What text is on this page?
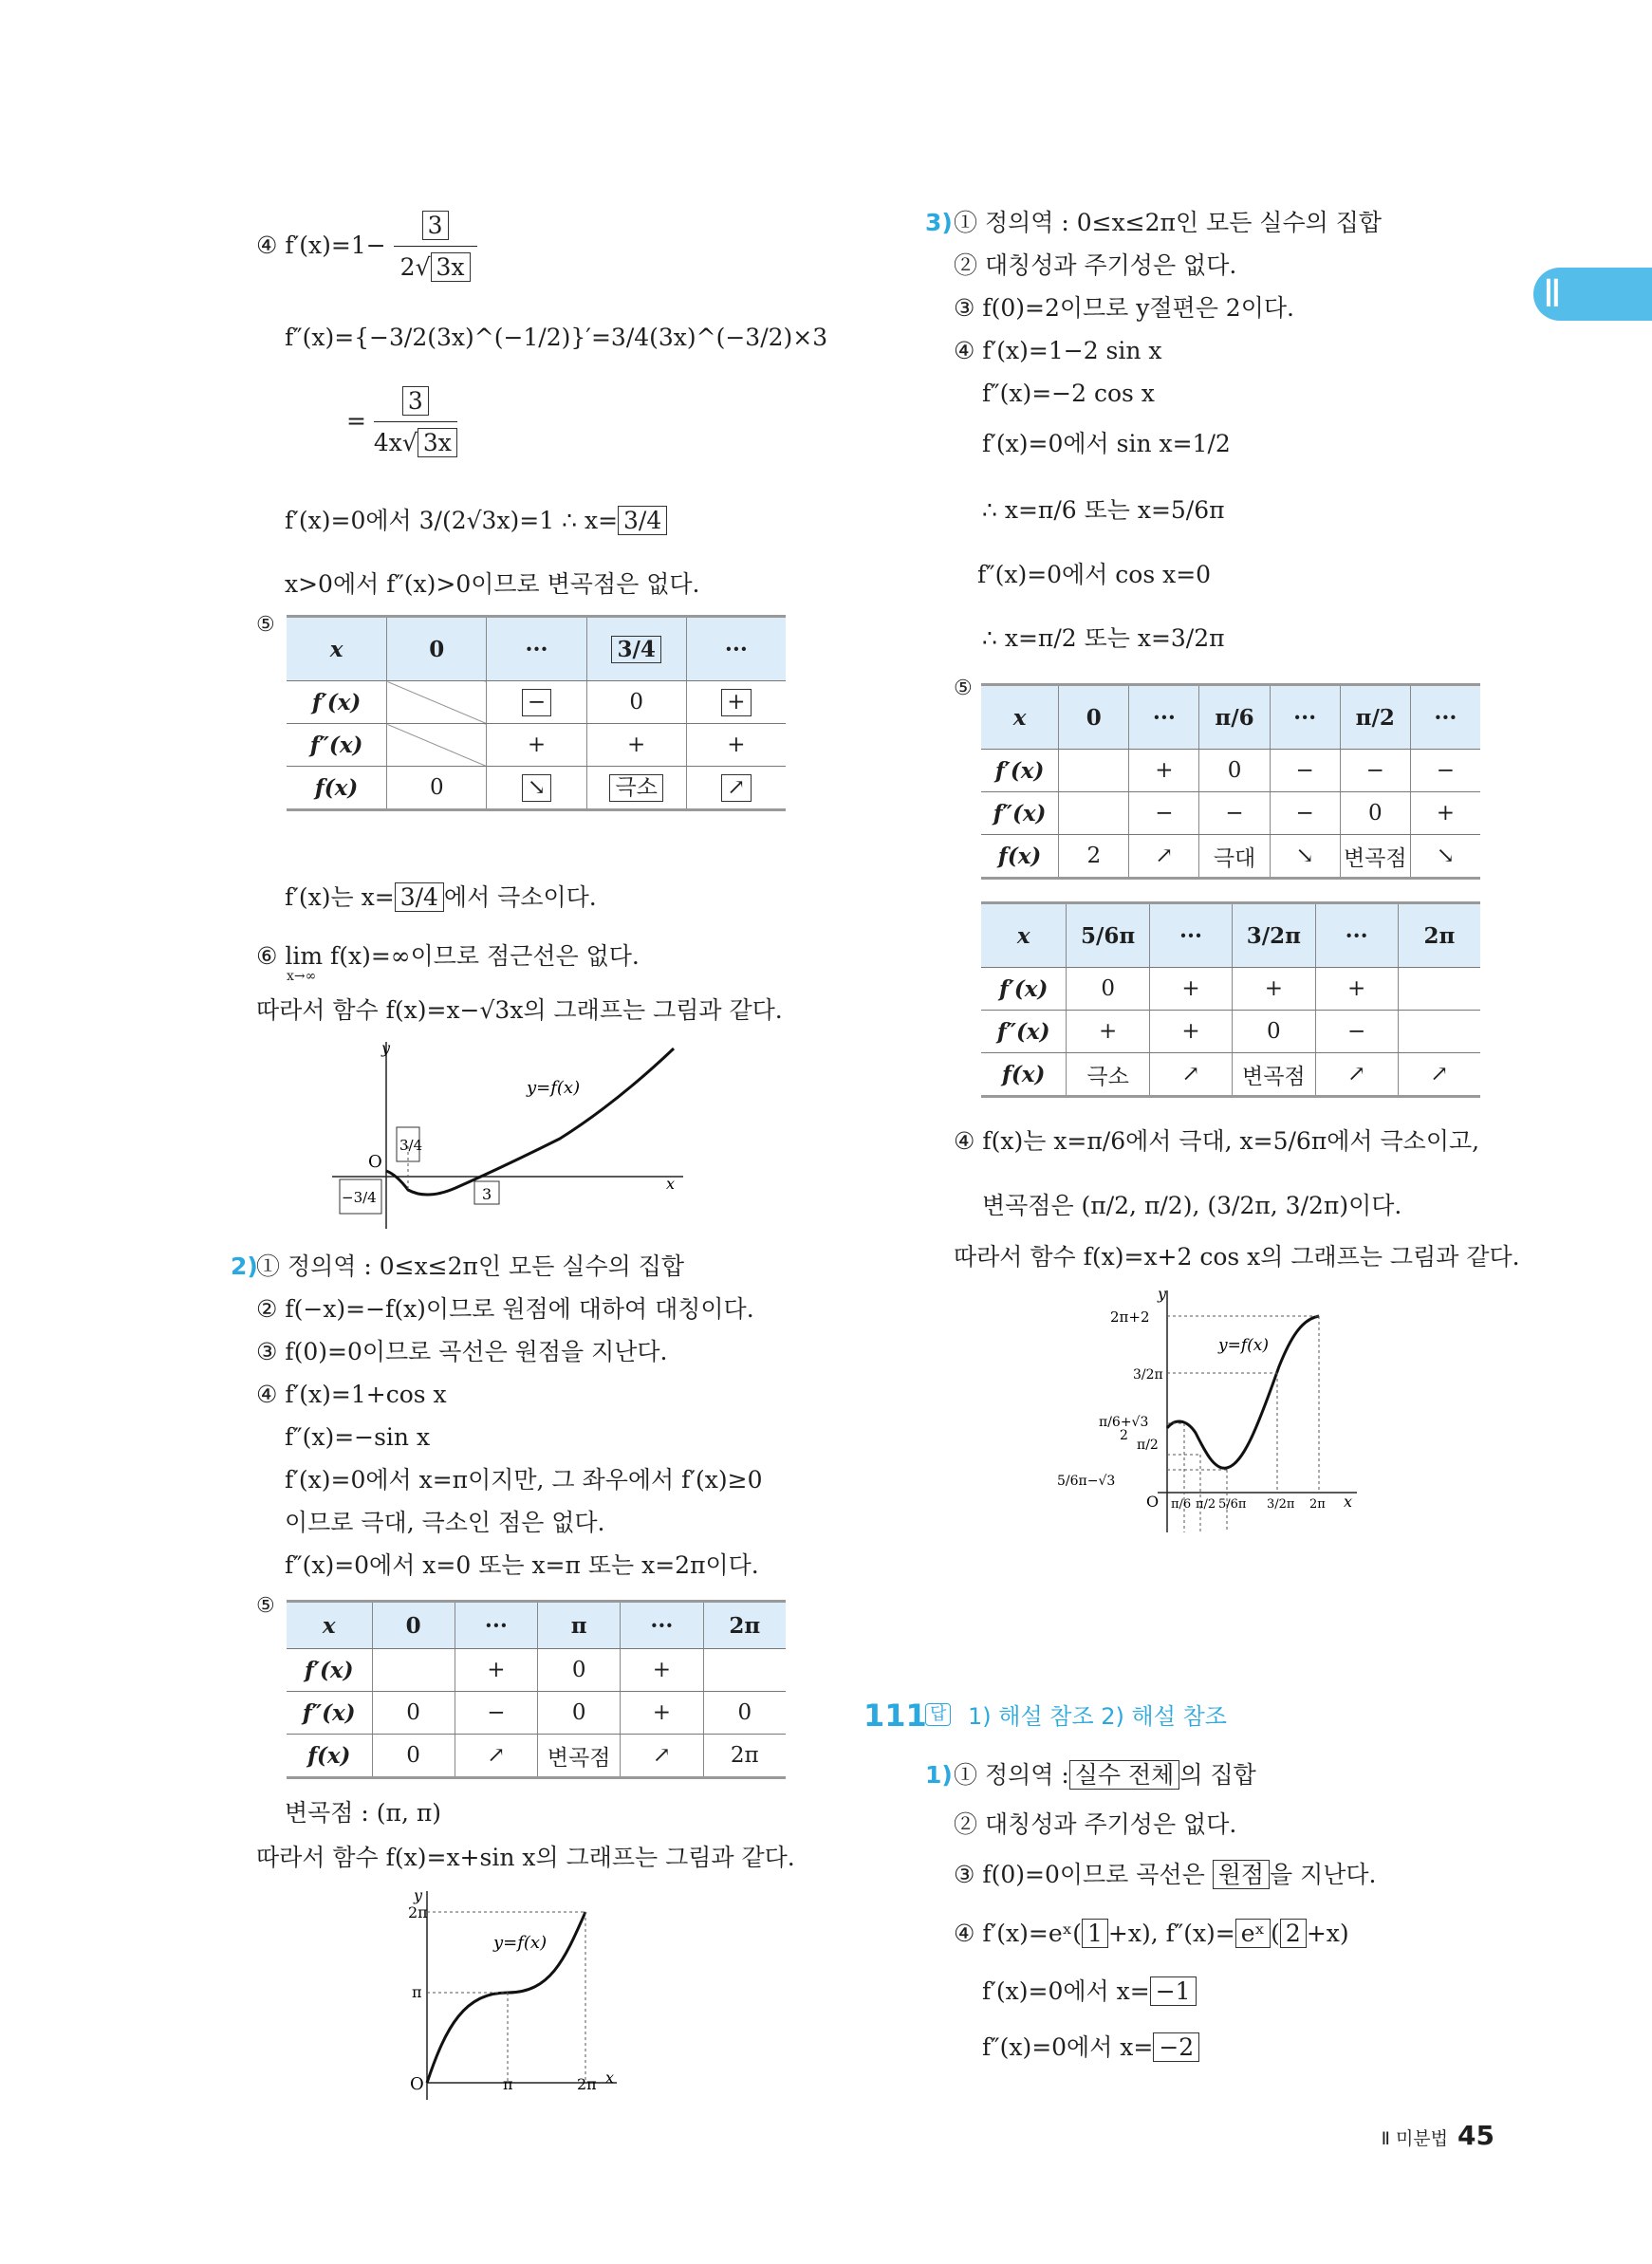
Ⅱ
④ $f'(x)=1- \frac{3}{2√ 3x}$
f″(x)={−3/2(3x)^(−1/2)}′=3/4(3x)^(−3/2)×3
= $\frac{3}{4x√ 3x}$
f′(x)=0에서 3/(2√3x)=1 ∴ x= 3/4
x>0에서 f″(x)>0이므로 변곡점은 없다.
⑤
x	0	···	3/4	···
f′(x)		−	0	+
f″(x)		+	+	+
f(x)	0	↘	극소	↗
f′(x)는 x= 3/4 에서 극소이다.
⑥ lim f(x)=∞이므로 점근선은 없다.
x→∞
따라서 함수 f(x)=x−√3x의 그래프는 그림과 같다.
y
x
y=f(x)
O
3/4
3
−3/4
2)
① 정의역 : 0≤x≤2π인 모든 실수의 집합
② f(−x)=−f(x)이므로 원점에 대하여 대칭이다.
③ f(0)=0이므로 곡선은 원점을 지난다.
④ f′(x)=1+cos x
f″(x)=−sin x
f′(x)=0에서 x=π이지만, 그 좌우에서 f′(x)≥0
이므로 극대, 극소인 점은 없다.
f″(x)=0에서 x=0 또는 x=π 또는 x=2π이다.
⑤
x	0	···	π	···	2π
f′(x)		+	0	+	
f″(x)	0	−	0	+	0
f(x)	0	↗	변곡점	↗	2π
변곡점 : (π, π)
따라서 함수 f(x)=x+sin x의 그래프는 그림과 같다.
y
x
y=f(x)
2π
π
O	π	2π
3) ① 정의역 : 0≤x≤2π인 모든 실수의 집합
② 대칭성과 주기성은 없다.
③ f(0)=2이므로 y절편은 2이다.
④ f′(x)=1−2 sin x
f″(x)=−2 cos x
f′(x)=0에서 sin x=1/2
∴ x=π/6 또는 x=5/6π
f″(x)=0에서 cos x=0
∴ x=π/2 또는 x=3/2π
⑤
x	0	···	π/6	···	π/2	···
f′(x)		+	0	−	−	−
f″(x)		−	−	−	0	+
f(x)	2	↗	극대	↘	변곡점	↘
x	5/6π	···	3/2π	···	2π
f′(x)	0	+	+	+	
f″(x)	+	+	0	−	
f(x)	극소	↗	변곡점	↗	↗
④ f(x)는 x=π/6에서 극대, x=5/6π에서 극소이고,
변곡점은 (π/2, π/2), (3/2π, 3/2π)이다.
따라서 함수 f(x)=x+2 cos x의 그래프는 그림과 같다.
y
x
y=f(x)
2π+2
3/2π
π/6+√3
π/2
2
5/6π−√3
O π/6 π/2 5/6π 3/2π 2π
111 답 1) 해설 참조 2) 해설 참조
1) ① 정의역 : 실수 전체 의 집합
② 대칭성과 주기성은 없다.
③ f(0)=0이므로 곡선은 원점 을 지난다.
④ f′(x)=eˣ( 1 +x), f″(x)= eˣ ( 2 +x)
f′(x)=0에서 x= −1
f″(x)=0에서 x= −2
Ⅱ 미분법 45
